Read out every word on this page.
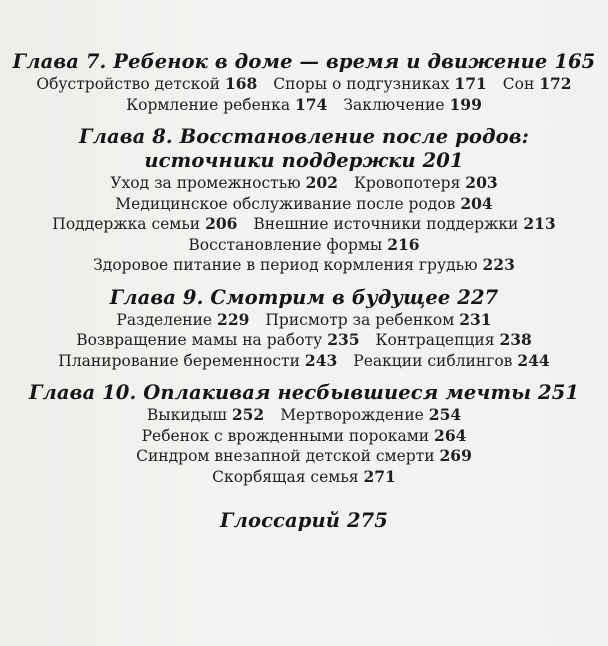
Глава 7. Ребенок в доме — время и движение 165
Обустройство детской 168 Споры о подгузниках 171 Сон 172
Кормление ребенка 174 Заключение 199
Глава 8. Восстановление после родов:
источники поддержки 201
Уход за промежностью 202 Кровопотеря 203
Медицинское обслуживание после родов 204
Поддержка семьи 206 Внешние источники поддержки 213
Восстановление формы 216
Здоровое питание в период кормления грудью 223
Глава 9. Смотрим в будущее 227
Разделение 229 Присмотр за ребенком 231
Возвращение мамы на работу 235 Контрацепция 238
Планирование беременности 243 Реакции сиблингов 244
Глава 10. Оплакивая несбывшиеся мечты 251
Выкидыш 252 Мертворождение 254
Ребенок с врожденными пороками 264
Синдром внезапной детской смерти 269
Скорбящая семья 271
Глоссарий 275
